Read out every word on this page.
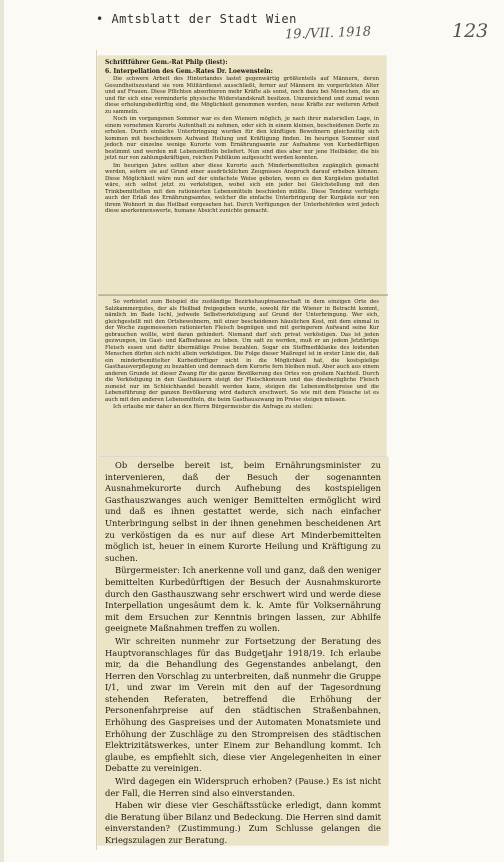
• Amtsblatt der Stadt Wien
19./VII. 1918	123

Schriftführer Gem.-Rat Philp (liest):

6. Interpellation des Gem.-Rates Dr. Loewenstein:

Die schwere Arbeit des Hinterlandes lastet gegenwärtig größtenteils auf Männern, deren Gesundheitszustand sie vom Militärdienst ausschließt, ferner auf Männern im vorgerückten Alter und auf Frauen. Diese Pflichten absorbieren mehr Kräfte als sonst, noch dazu bei Menschen, die an und für sich eine verminderte physische Widerstandskraft besitzen. Unzureichend und zumal wenn diese erholungsbedürftig sind, die Möglichkeit genommen werden, neue Kräfte zur weiteren Arbeit zu sammeln.

Noch im vorgangenen Sommer war es den Wienern möglich, je nach ihrer materiellen Lage, in einem vornehmen Kurorte Aufenthalt zu nehmen, oder sich in einem kleinen, bescheidenen Dorfe zu erholen. Durch einfache Unterbringung wurden für den künftigen Bewohnern gleichzeitig sich kommen mit bescheidenem Aufwand Heilung und Kräftigung finden. Im heurigen Sommer sind jedoch nur einzelne wenige Kurorte vom Ernährungsamte zur Aufnahme von Kurbedürftigen bestimmt und werden mit Lebensmitteln beliefert. Nun sind dies aber nur jene Heilbäder, die bis jetzt nur von zahlungskräftigen, reichen Publikum aufgesucht werden konnten.

Im heurigen Jahre sollten aber diese Kurorte auch Minderbemittelten zugänglich gemacht werden, sofern sie auf Grund einer ausdrücklichen Zeugnisses Anspruch darauf erheben können. Diese Möglichkeit wäre nun auf der einfachste Weise geboten, wenn es den Kurgästen gestattet wäre, sich selbst jetzt zu verköstigen, wobei sich ein jeder bei Gleichstellung mit den Trinkbemittelten mit den rationierten Lebensmitteln beschieden müßte. Diese Tendenz verfolgte auch der Erlaß des Ernährungsamtes, welcher die einfache Unterbringung der Kurgäste nur von ihrem Wohnort in das Heilbad vorgesehen hat. Durch Verfügungen der Unterbehörden wird jedoch diese anerkennenswerte, humane Absicht zunichte gemacht.

So verbietet zum Beispiel die zuständige Bezirkshauptmannschaft in dem einzigen Orte des Salzkammergutes, der als Heilbad freigegeben wurde, sowohl für die Wiener in Betracht kommt, nämlich im Bade Ischl, jedwede Selbstverköstigung auf Grund der Unterbringung. Wer sich, gleichgestellt mit den Ortsbewohnern, mit einer bescheidenen häuslichen Kost, mit dem einmal in der Woche zugemessenen rationierten Fleisch begnügen und mit geringerem Aufwand seine Kur gebrauchen wollte, wird daran gehindert. Niemand darf sich privat verköstigen. Das ist jeden gezwungen, im Gast- und Kaffeehause zu leben. Um satt zu werden, muß er an jedem Jetztbrüge Fleisch essen und dafür übermäßige Preise bezahlen. Sogar ein Steffmediklanke des leidenden Menschen dürfen sich nicht allein verköstigen. Die Folge dieser Maßregel ist in erster Linie die, daß ein minderbemittelter Kurbedürftiger nicht in die Möglichkeit hat, die kostspielige Gasthausverpflegung zu bezahlen und demnach dem Kurorte fern bleiben muß. Aber auch aus einem anderen Grunde ist dieser Zwang für die ganze Bevölkerung des Ortes von großem Nachteil. Durch die Verköstigung in den Gasthäusern steigt der Fleischkonsum und das diesbezügliche Fleisch zumeist nur im Schleichhandel bezahlt werden kann, steigen die Lebensmittelpreise und die Lebensführung der ganzen Bevölkerung wird dadurch erschwert. So wie mit dem Fleische ist es auch mit den anderen Lebensmitteln, die beim Gasthauszwang im Preise steigen müssen.

Ich erlaube mir daher an den Herrn Bürgermeister die Anfrage zu stellen:

Ob derselbe bereit ist, beim Ernährungsminister zu intervenieren, daß der Besuch der sogenannten Ausnahmekurorte durch Aufhebung des kostspieligen Gasthauszwanges auch weniger Bemittelten ermöglicht wird und daß es ihnen gestattet werde, sich nach einfacher Unterbringung selbst in der ihnen genehmen bescheidenen Art zu verköstigen da es nur auf diese Art Minderbemittelten möglich ist, heuer in einem Kurorte Heilung und Kräftigung zu suchen.

Bürgermeister: Ich anerkenne voll und ganz, daß den weniger bemittelten Kurbedürftigen der Besuch der Ausnahmskurorte durch den Gasthauszwang sehr erschwert wird und werde diese Interpellation ungesäumt dem k. k. Amte für Volksernährung mit dem Ersuchen zur Kenntnis bringen lassen, zur Abhilfe geeignete Maßnahmen treffen zu wollen.

Wir schreiten nunmehr zur Fortsetzung der Beratung des Hauptvoranschlages für das Budgetjahr 1918/19. Ich erlaube mir, da die Behandlung des Gegenstandes anbelangt, den Herren den Vorschlag zu unterbreiten, daß nunmehr die Gruppe I/1, und zwar im Verein mit den auf der Tagesordnung stehenden Referaten, betreffend die Erhöhung der Personenfahrpreise auf den städtischen Straßenbahnen, Erhöhung des Gaspreises und der Automaten Monatsmiete und Erhöhung der Zuschläge zu den Strompreisen des städtischen Elektrizitätswerkes, unter Einem zur Behandlung kommt. Ich glaube, es empfiehlt sich, diese vier Angelegenheiten in einer Debatte zu vereinigen.

Wird dagegen ein Widerspruch erhoben? (Pause.) Es ist nicht der Fall, die Herren sind also einverstanden.

Haben wir diese vier Geschäftsstücke erledigt, dann kommt die Beratung über Bilanz und Bedeckung. Die Herren sind damit einverstanden? (Zustimmung.) Zum Schlusse gelangen die Kriegszulagen zur Beratung.
